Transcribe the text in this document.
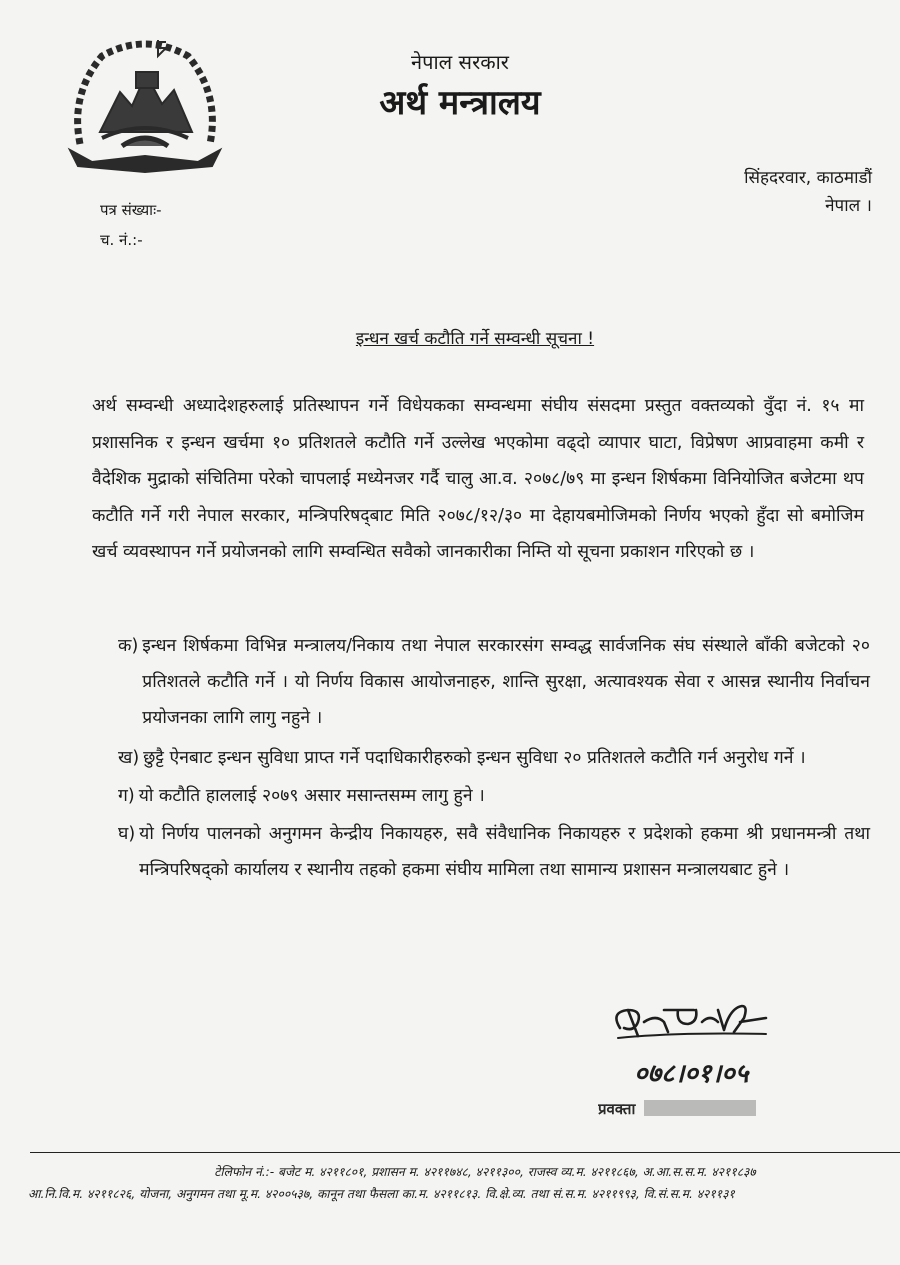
नेपाल सरकार
अर्थ मन्त्रालय
सिंहदरवार, काठमाडौं
नेपाल ।
पत्र संख्याः-
च. नं.:-
इन्धन खर्च कटौति गर्ने सम्वन्धी सूचना !
अर्थ सम्वन्धी अध्यादेशहरुलाई प्रतिस्थापन गर्ने विधेयकका सम्वन्धमा संघीय संसदमा प्रस्तुत वक्तव्यको वुँदा नं. १५ मा प्रशासनिक र इन्धन खर्चमा १० प्रतिशतले कटौति गर्ने उल्लेख भएकोमा वढ्दो व्यापार घाटा, विप्रेषण आप्रवाहमा कमी र वैदेशिक मुद्राको संचितिमा परेको चापलाई मध्येनजर गर्दै चालु आ.व. २०७८/७९ मा इन्धन शिर्षकमा विनियोजित बजेटमा थप कटौति गर्ने गरी नेपाल सरकार, मन्त्रिपरिषद्‌बाट मिति २०७८/१२/३० मा देहायबमोजिमको निर्णय भएको हुँदा सो बमोजिम खर्च व्यवस्थापन गर्ने प्रयोजनको लागि सम्वन्धित सवैको जानकारीका निम्ति यो सूचना प्रकाशन गरिएको छ ।
क) इन्धन शिर्षकमा विभिन्न मन्त्रालय/निकाय तथा नेपाल सरकारसंग सम्वद्ध सार्वजनिक संघ संस्थाले बाँकी बजेटको २० प्रतिशतले कटौति गर्ने । यो निर्णय विकास आयोजनाहरु, शान्ति सुरक्षा, अत्यावश्यक सेवा र आसन्न स्थानीय निर्वाचन प्रयोजनका लागि लागु नहुने ।
ख) छुट्टै ऐनबाट इन्धन सुविधा प्राप्त गर्ने पदाधिकारीहरुको इन्धन सुविधा २० प्रतिशतले कटौति गर्न अनुरोध गर्ने ।
ग) यो कटौति हाललाई २०७९ असार मसान्तसम्म लागु हुने ।
घ) यो निर्णय पालनको अनुगमन केन्द्रीय निकायहरु, सवै संवैधानिक निकायहरु र प्रदेशको हकमा श्री प्रधानमन्त्री तथा मन्त्रिपरिषद्‌को कार्यालय र स्थानीय तहको हकमा संघीय मामिला तथा सामान्य प्रशासन मन्त्रालयबाट हुने ।
०७८।०१।०५
प्रवक्ता
टेलिफोन नं.:- बजेट म. ४२११८०१, प्रशासन म. ४२११७४८, ४२११३००, राजस्व व्य.म. ४२११८६७, अ.आ.स.स.म. ४२११८३७
आ.नि.वि.म. ४२११८२६, योजना, अनुगमन तथा मू.म. ४२००५३७, कानून तथा फैसला का.म. ४२११८१३. वि.क्षे.व्य. तथा सं.स.म. ४२११९९३, वि.सं.स.म. ४२११३१
